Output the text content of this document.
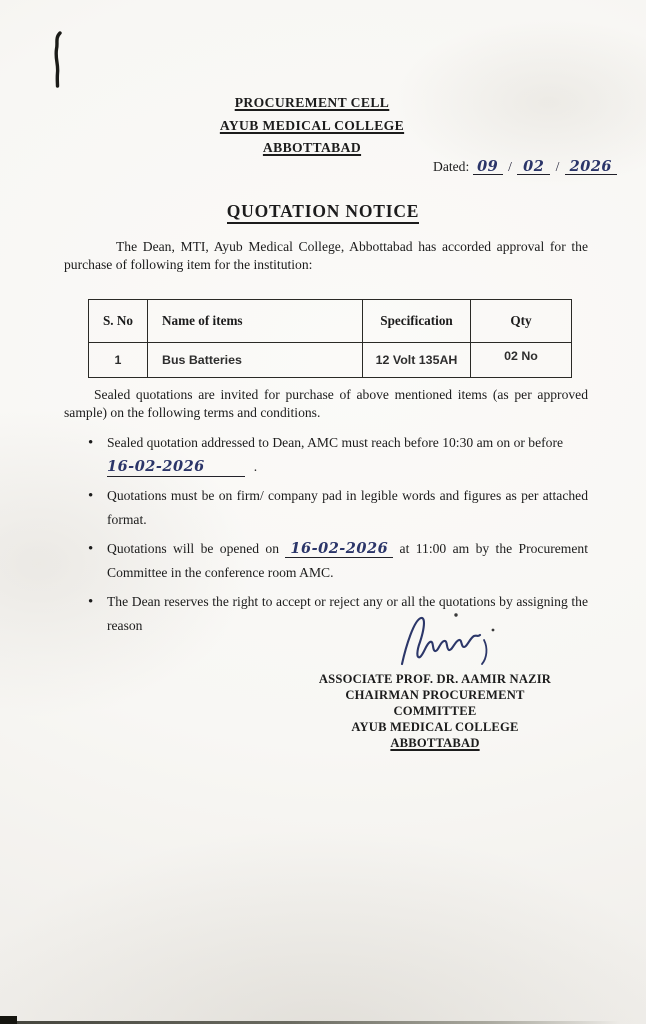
PROCUREMENT CELL
AYUB MEDICAL COLLEGE
ABBOTTABAD
Dated: 09 / 02 / 2026
QUOTATION NOTICE
The Dean, MTI, Ayub Medical College, Abbottabad has accorded approval for the purchase of following item for the institution:
S. No	Name of items	Specification	Qty
1	Bus Batteries	12 Volt 135AH	02 No
Sealed quotations are invited for purchase of above mentioned items (as per approved sample) on the following terms and conditions.
• Sealed quotation addressed to Dean, AMC must reach before 10:30 am on or before
16-02-2026	.
• Quotations must be on firm/ company pad in legible words and figures as per attached format.
• Quotations will be opened on 16-02-2026 at 11:00 am by the Procurement Committee in the conference room AMC.
• The Dean reserves the right to accept or reject any or all the quotations by assigning the reason
ASSOCIATE PROF. DR. AAMIR NAZIR
CHAIRMAN PROCUREMENT COMMITTEE
AYUB MEDICAL COLLEGE
ABBOTTABAD
